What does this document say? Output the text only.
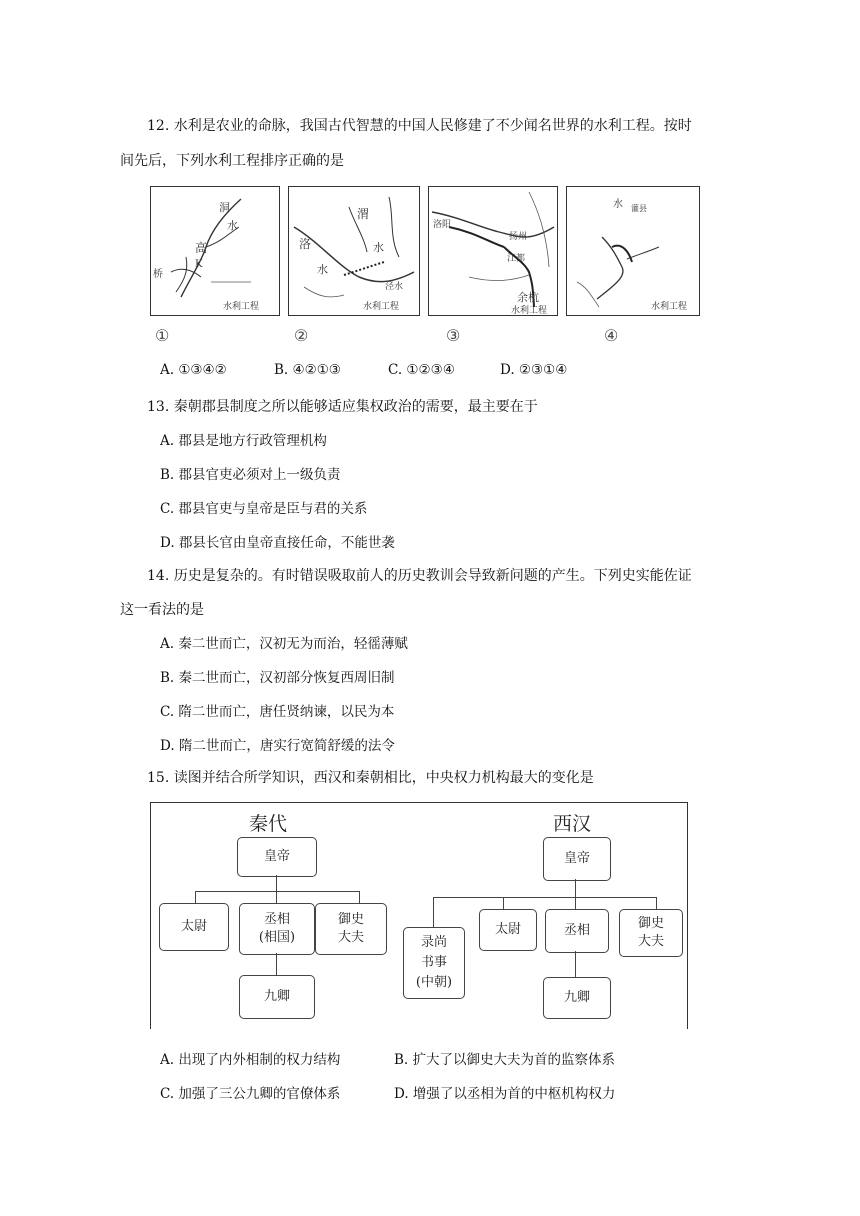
12. 水利是农业的命脉，我国古代智慧的中国人民修建了不少闻名世界的水利工程。按时
间先后，下列水利工程排序正确的是
洞
水
高
K
桥
水利工程
①
渭
洛	水
水
泾水
水利工程
②
洛阳
扬州
江都
余杭
水利工程
③
水 灌县
水利工程
④
A. ①③④②	B. ④②①③	C. ①②③④	D. ②③①④
13. 秦朝郡县制度之所以能够适应集权政治的需要，最主要在于
A. 郡县是地方行政管理机构
B. 郡县官吏必须对上一级负责
C. 郡县官吏与皇帝是臣与君的关系
D. 郡县长官由皇帝直接任命，不能世袭
14. 历史是复杂的。有时错误吸取前人的历史教训会导致新问题的产生。下列史实能佐证
这一看法的是
A. 秦二世而亡，汉初无为而治，轻徭薄赋
B. 秦二世而亡，汉初部分恢复西周旧制
C. 隋二世而亡，唐任贤纳谏，以民为本
D. 隋二世而亡，唐实行宽简舒缓的法令
15. 读图并结合所学知识，西汉和秦朝相比，中央权力机构最大的变化是
秦代
皇帝
太尉	丞相
(相国)
御史
大夫
九卿
西汉
皇帝
录尚
书事
(中朝)
太尉	丞相	御史
大夫
九卿
A. 出现了内外相制的权力结构	B. 扩大了以御史大夫为首的监察体系
C. 加强了三公九卿的官僚体系	D. 增强了以丞相为首的中枢机构权力
